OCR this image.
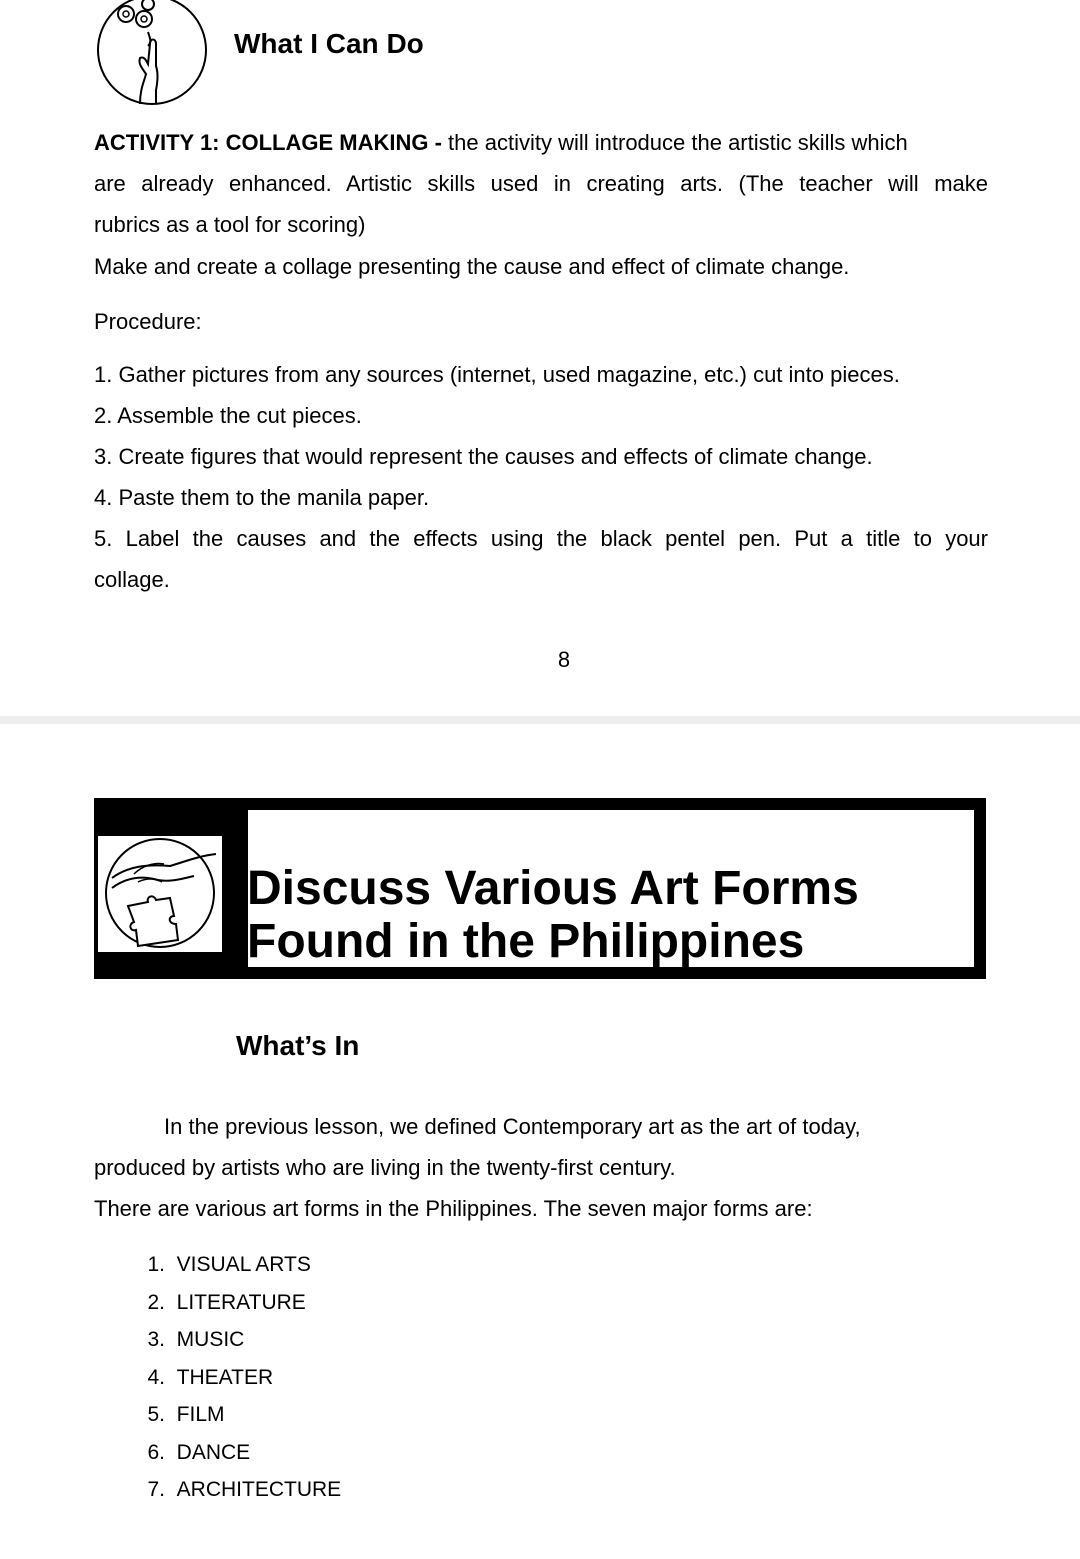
What I Can Do
ACTIVITY 1: COLLAGE MAKING - the activity will introduce the artistic skills which
are already enhanced. Artistic skills used in creating arts. (The teacher will make
rubrics as a tool for scoring)
Make and create a collage presenting the cause and effect of climate change.
Procedure:
1. Gather pictures from any sources (internet, used magazine, etc.) cut into pieces.
2. Assemble the cut pieces.
3. Create figures that would represent the causes and effects of climate change.
4. Paste them to the manila paper.
5. Label the causes and the effects using the black pentel pen. Put a title to your
collage.
8
Discuss Various Art Forms
Found in the Philippines
What’s In
In the previous lesson, we defined Contemporary art as the art of today,
produced by artists who are living in the twenty-first century.
There are various art forms in the Philippines. The seven major forms are:
1. VISUAL ARTS
2. LITERATURE
3. MUSIC
4. THEATER
5. FILM
6. DANCE
7. ARCHITECTURE
